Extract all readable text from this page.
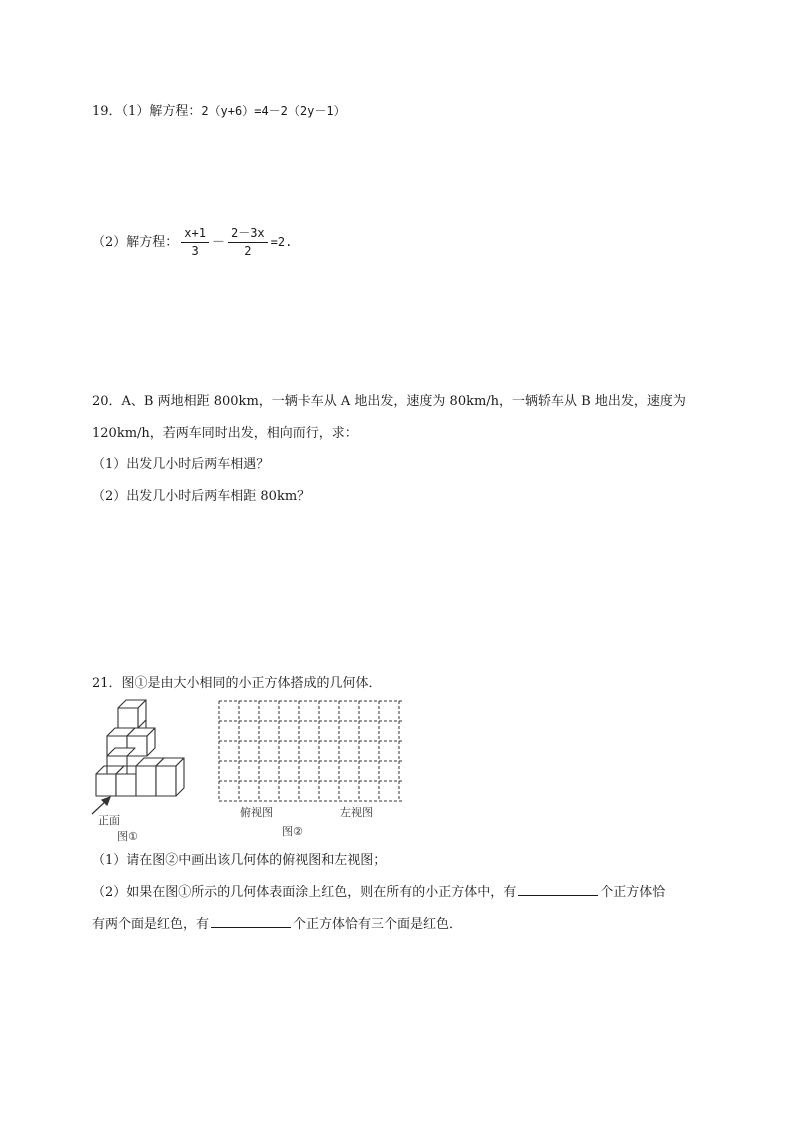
19．（1）解方程：2（y+6）=4－2（2y－1）
（2）解方程： $\frac{x+1}{3} - \frac{2-3x}{2} =2$.
20．A、B 两地相距 800km，一辆卡车从 A 地出发，速度为 80km/h，一辆轿车从 B 地出发，速度为
120km/h，若两车同时出发，相向而行，求：
（1）出发几小时后两车相遇？
（2）出发几小时后两车相距 80km？
21．图①是由大小相同的小正方体搭成的几何体．
正面
图①
俯视图	左视图
图②
（1）请在图②中画出该几何体的俯视图和左视图；
（2）如果在图①所示的几何体表面涂上红色，则在所有的小正方体中，有	个正方体恰
有两个面是红色，有	个正方体恰有三个面是红色．
